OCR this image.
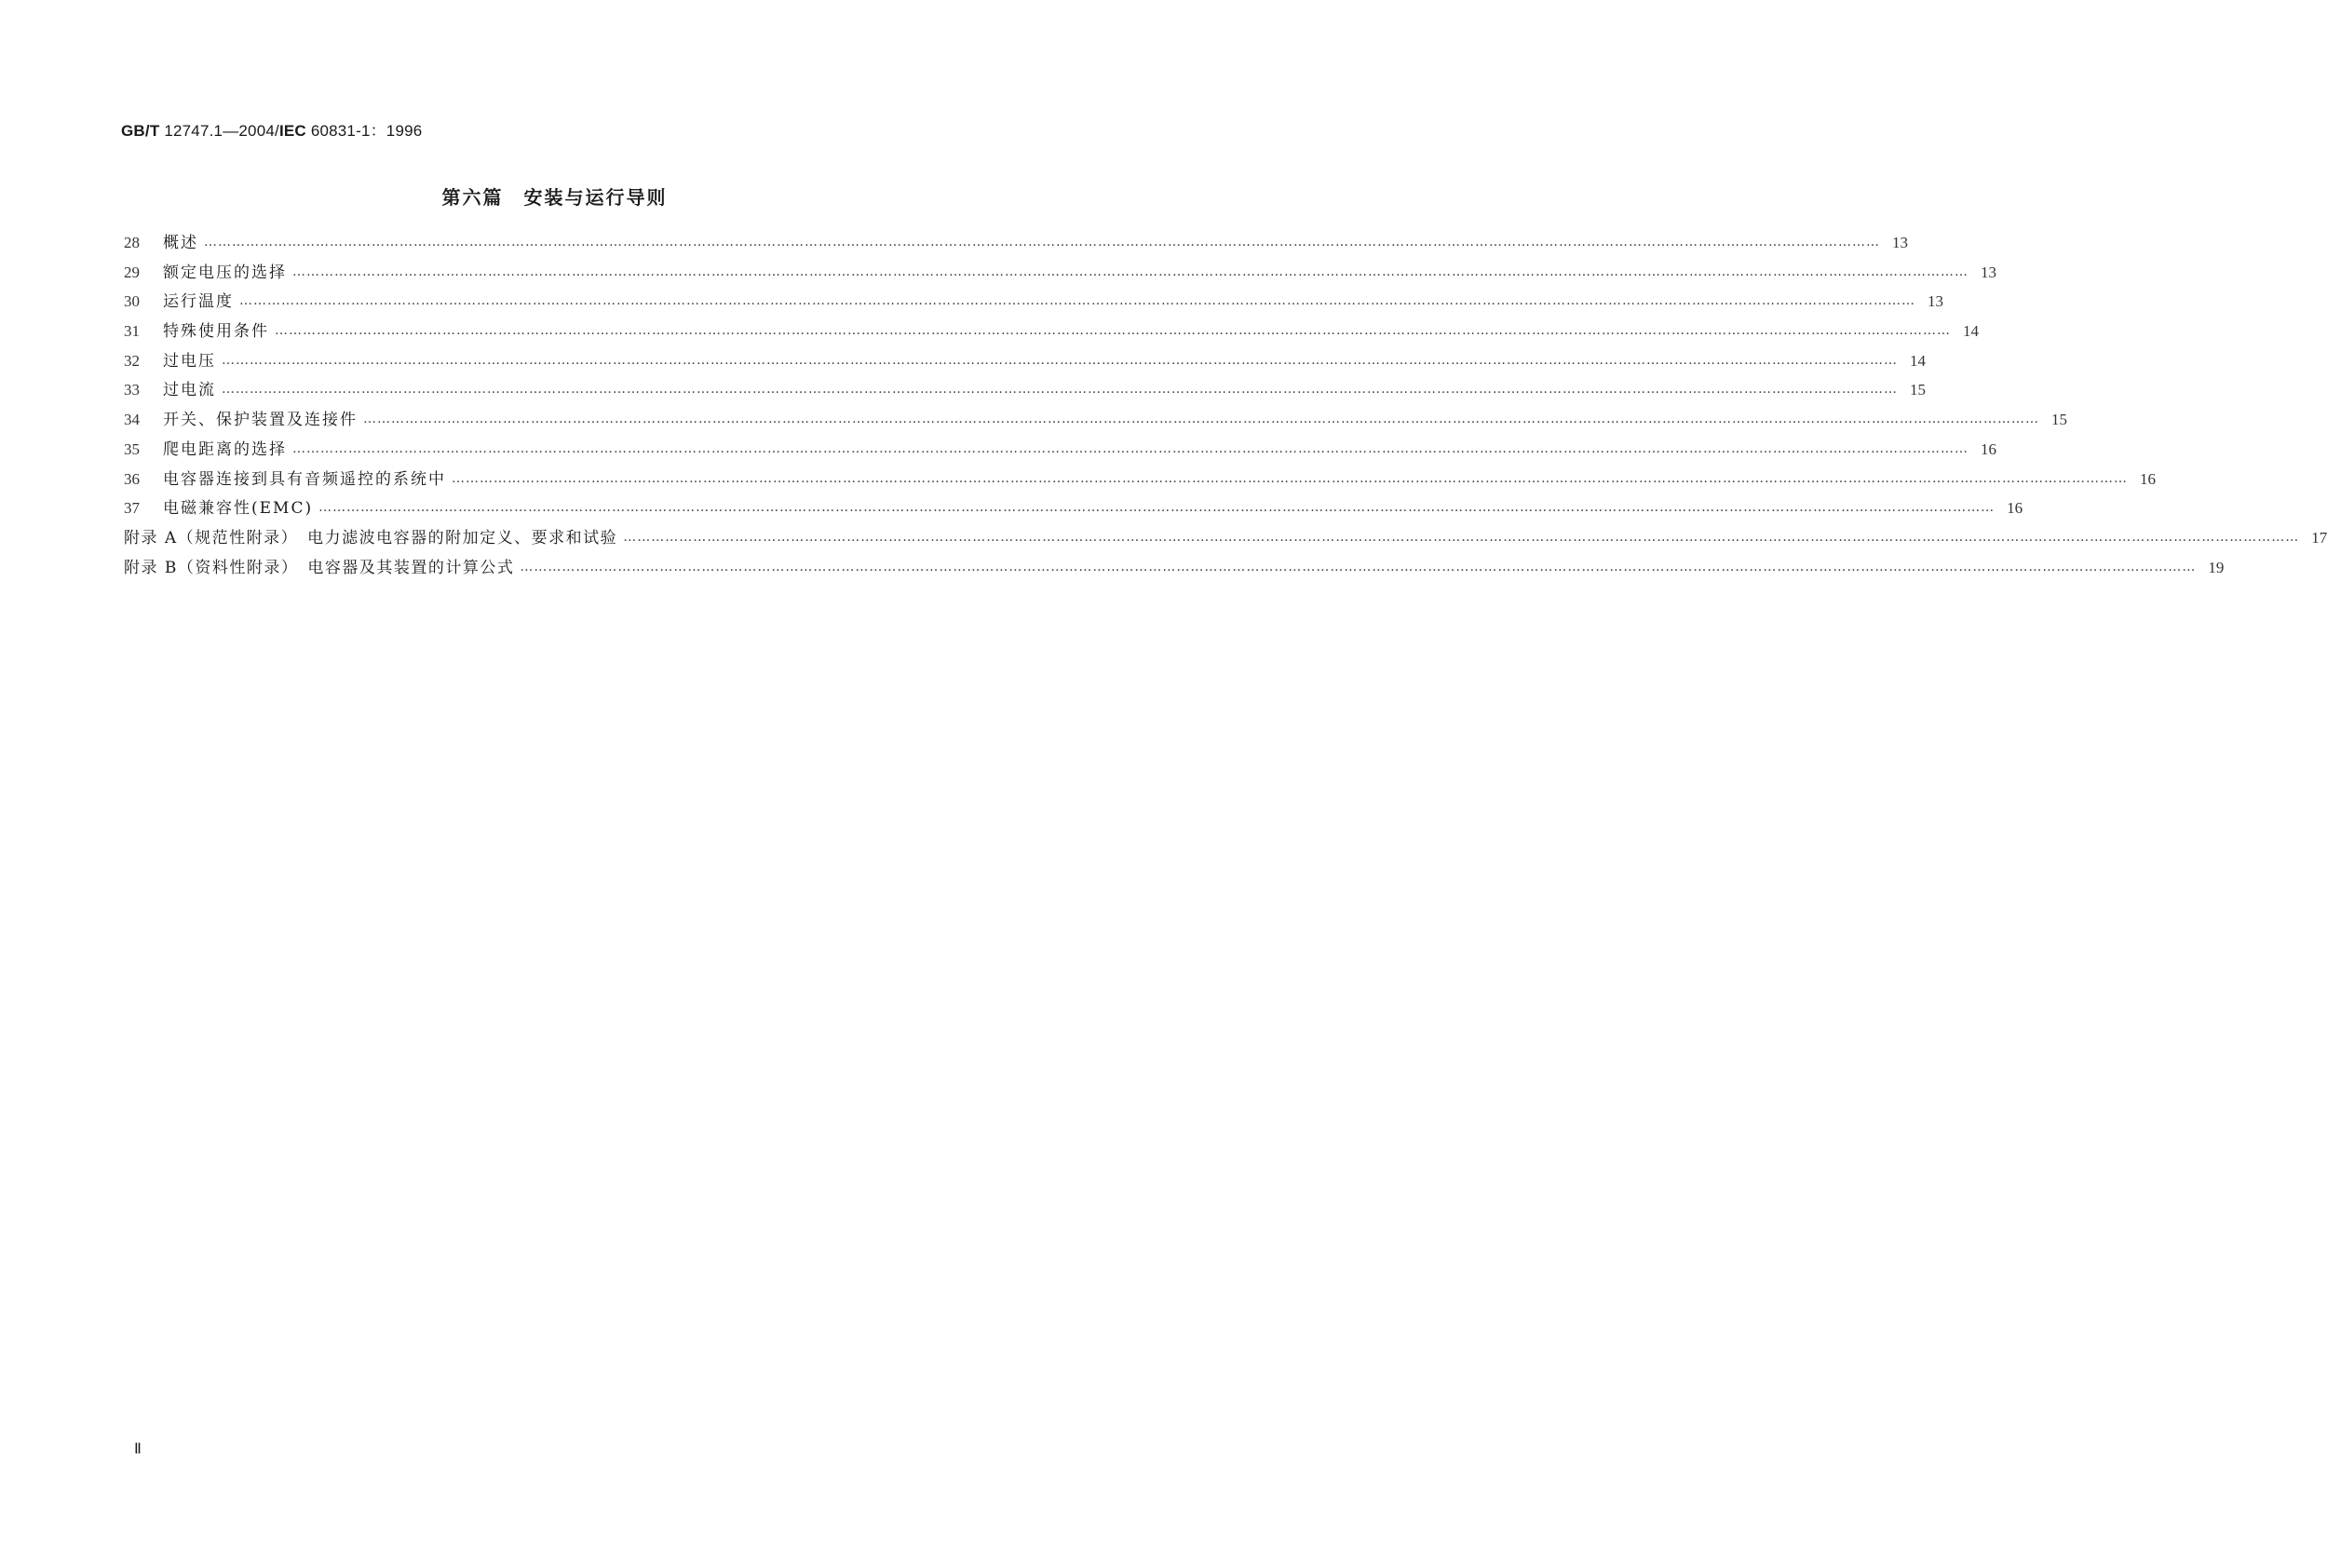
GB/T 12747.1—2004/IEC 60831-1：1996
第六篇　安装与运行导则
28	概述 ……………………………………………………………………………………………………………………………………………………………………………………………………………………………………………………………………………………………………………………………… 13
29	额定电压的选择 ……………………………………………………………………………………………………………………………………………………………………………………………………………………………………………………………………………………………………………………………… 13
30	运行温度 ……………………………………………………………………………………………………………………………………………………………………………………………………………………………………………………………………………………………………………………………… 13
31	特殊使用条件 ……………………………………………………………………………………………………………………………………………………………………………………………………………………………………………………………………………………………………………………………… 14
32	过电压 ……………………………………………………………………………………………………………………………………………………………………………………………………………………………………………………………………………………………………………………………… 14
33	过电流 ……………………………………………………………………………………………………………………………………………………………………………………………………………………………………………………………………………………………………………………………… 15
34	开关、保护装置及连接件 ……………………………………………………………………………………………………………………………………………………………………………………………………………………………………………………………………………………………………………………………… 15
35	爬电距离的选择 ……………………………………………………………………………………………………………………………………………………………………………………………………………………………………………………………………………………………………………………………… 16
36	电容器连接到具有音频遥控的系统中 ……………………………………………………………………………………………………………………………………………………………………………………………………………………………………………………………………………………………………………………………… 16
37	电磁兼容性(EMC) ……………………………………………………………………………………………………………………………………………………………………………………………………………………………………………………………………………………………………………………………… 16
附录 A（规范性附录）　电力滤波电容器的附加定义、要求和试验 ……………………………………………………………………………………………………………………………………………………………………………………………………………………………………………………………………………………………………………………………… 17
附录 B（资料性附录）　电容器及其装置的计算公式 ……………………………………………………………………………………………………………………………………………………………………………………………………………………………………………………………………………………………………………………………… 19
Ⅱ
